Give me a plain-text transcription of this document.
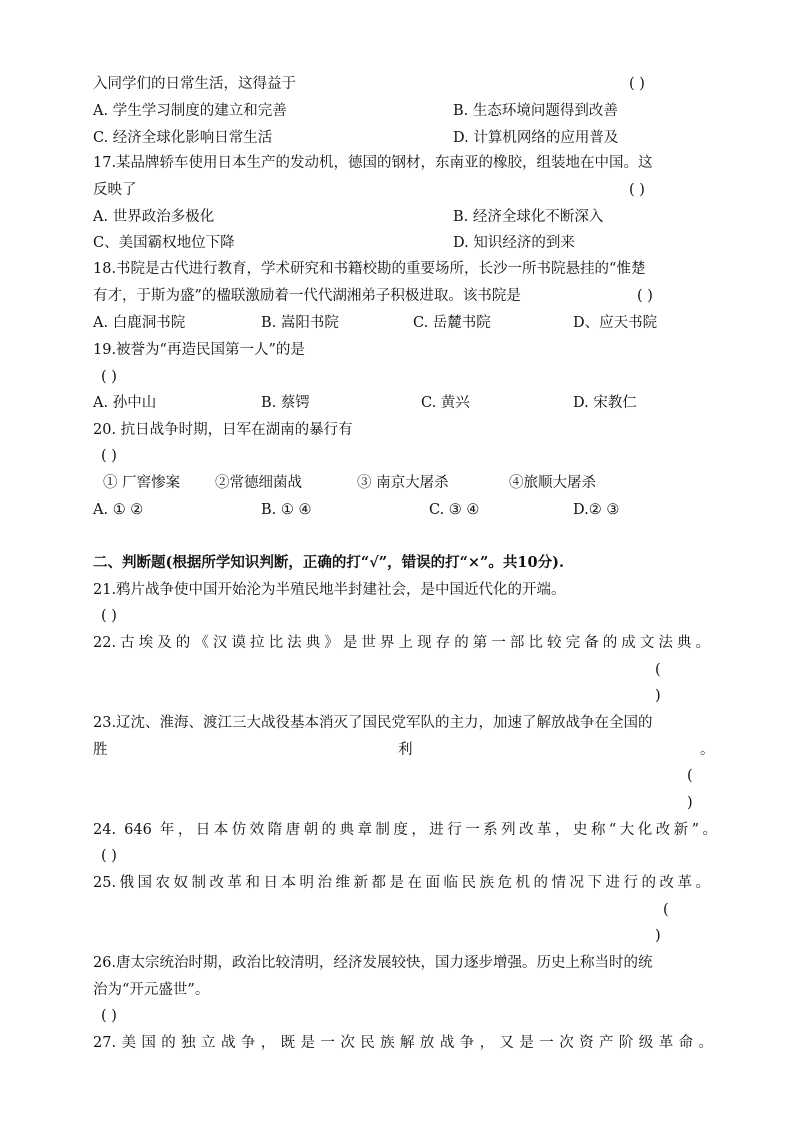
入同学们的日常生活，这得益于	( )
A. 学生学习制度的建立和完善	B. 生态环境问题得到改善
C. 经济全球化影响日常生活	D. 计算机网络的应用普及
17.某品牌轿车使用日本生产的发动机，德国的钢材，东南亚的橡胶，组装地在中国。这
反映了	( )
A. 世界政治多极化	B. 经济全球化不断深入
C、美国霸权地位下降	D. 知识经济的到来
18.书院是古代进行教育，学术研究和书籍校勘的重要场所，长沙一所书院悬挂的“惟楚
有才，于斯为盛”的楹联激励着一代代湖湘弟子积极进取。该书院是	( )
A. 白鹿洞书院	B. 嵩阳书院	C. 岳麓书院	D、应天书院
19.被誉为“再造民国第一人”的是
( )
A. 孙中山	B. 蔡锷	C. 黄兴	D. 宋教仁
20. 抗日战争时期，日军在湖南的暴行有
( )
① 厂窖惨案 ②常德细菌战	③ 南京大屠杀	④旅顺大屠杀
A. ① ②	B. ① ④	C. ③ ④	D.② ③
二、判断题(根据所学知识判断，正确的打“√”，错误的打“×”。共10分).
21.鸦片战争使中国开始沦为半殖民地半封建社会，是中国近代化的开端。
( )
22.古埃及的《汉谟拉比法典》是世界上现存的第一部比较完备的成文法典。
(
)
23.辽沈、淮海、渡江三大战役基本消灭了国民党军队的主力，加速了解放战争在全国的
胜	利	。
(
)
24. 646 年，日本仿效隋唐朝的典章制度，进行一系列改革，史称“大化改新”。
( )
25.俄国农奴制改革和日本明治维新都是在面临民族危机的情况下进行的改革。
(
)
26.唐太宗统治时期，政治比较清明，经济发展较快，国力逐步增强。历史上称当时的统
治为“开元盛世”。
( )
27.美国的独立战争，既是一次民族解放战争，又是一次资产阶级革命。
